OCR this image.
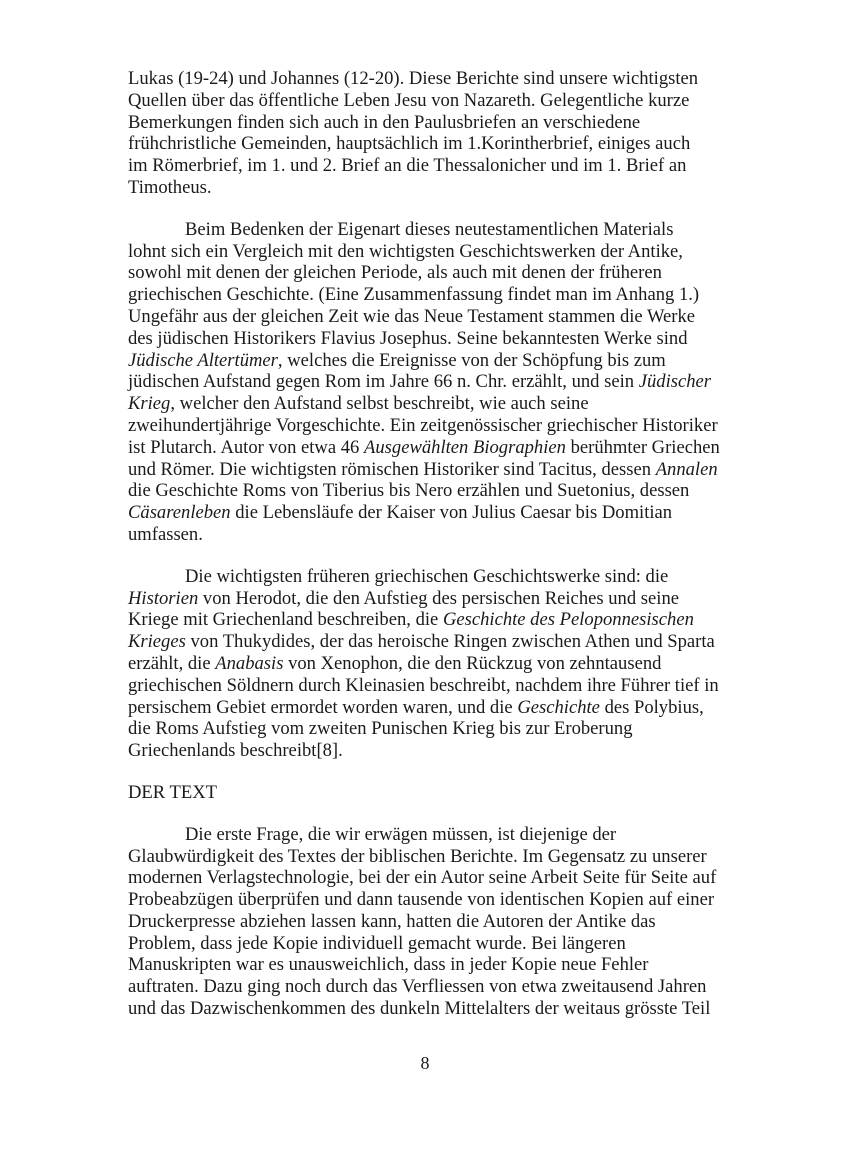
Lukas (19-24) und Johannes (12-20). Diese Berichte sind unsere wichtigsten
Quellen über das öffentliche Leben Jesu von Nazareth. Gelegentliche kurze
Bemerkungen finden sich auch in den Paulusbriefen an verschiedene
frühchristliche Gemeinden, hauptsächlich im 1.Korintherbrief, einiges auch
im Römerbrief, im 1. und 2. Brief an die Thessalonicher und im 1. Brief an
Timotheus.
Beim Bedenken der Eigenart dieses neutestamentlichen Materials
lohnt sich ein Vergleich mit den wichtigsten Geschichtswerken der Antike,
sowohl mit denen der gleichen Periode, als auch mit denen der früheren
griechischen Geschichte. (Eine Zusammenfassung findet man im Anhang 1.)
Ungefähr aus der gleichen Zeit wie das Neue Testament stammen die Werke
des jüdischen Historikers Flavius Josephus. Seine bekanntesten Werke sind
Jüdische Altertümer, welches die Ereignisse von der Schöpfung bis zum
jüdischen Aufstand gegen Rom im Jahre 66 n. Chr. erzählt, und sein Jüdischer
Krieg, welcher den Aufstand selbst beschreibt, wie auch seine
zweihundertjährige Vorgeschichte. Ein zeitgenössischer griechischer Historiker
ist Plutarch. Autor von etwa 46 Ausgewählten Biographien berühmter Griechen
und Römer. Die wichtigsten römischen Historiker sind Tacitus, dessen Annalen
die Geschichte Roms von Tiberius bis Nero erzählen und Suetonius, dessen
Cäsarenleben die Lebensläufe der Kaiser von Julius Caesar bis Domitian
umfassen.
Die wichtigsten früheren griechischen Geschichtswerke sind: die
Historien von Herodot, die den Aufstieg des persischen Reiches und seine
Kriege mit Griechenland beschreiben, die Geschichte des Peloponnesischen
Krieges von Thukydides, der das heroische Ringen zwischen Athen und Sparta
erzählt, die Anabasis von Xenophon, die den Rückzug von zehntausend
griechischen Söldnern durch Kleinasien beschreibt, nachdem ihre Führer tief in
persischem Gebiet ermordet worden waren, und die Geschichte des Polybius,
die Roms Aufstieg vom zweiten Punischen Krieg bis zur Eroberung
Griechenlands beschreibt[8].
DER TEXT
Die erste Frage, die wir erwägen müssen, ist diejenige der
Glaubwürdigkeit des Textes der biblischen Berichte. Im Gegensatz zu unserer
modernen Verlagstechnologie, bei der ein Autor seine Arbeit Seite für Seite auf
Probeabzügen überprüfen und dann tausende von identischen Kopien auf einer
Druckerpresse abziehen lassen kann, hatten die Autoren der Antike das
Problem, dass jede Kopie individuell gemacht wurde. Bei längeren
Manuskripten war es unausweichlich, dass in jeder Kopie neue Fehler
auftraten. Dazu ging noch durch das Verfliessen von etwa zweitausend Jahren
und das Dazwischenkommen des dunkeln Mittelalters der weitaus grösste Teil
8
